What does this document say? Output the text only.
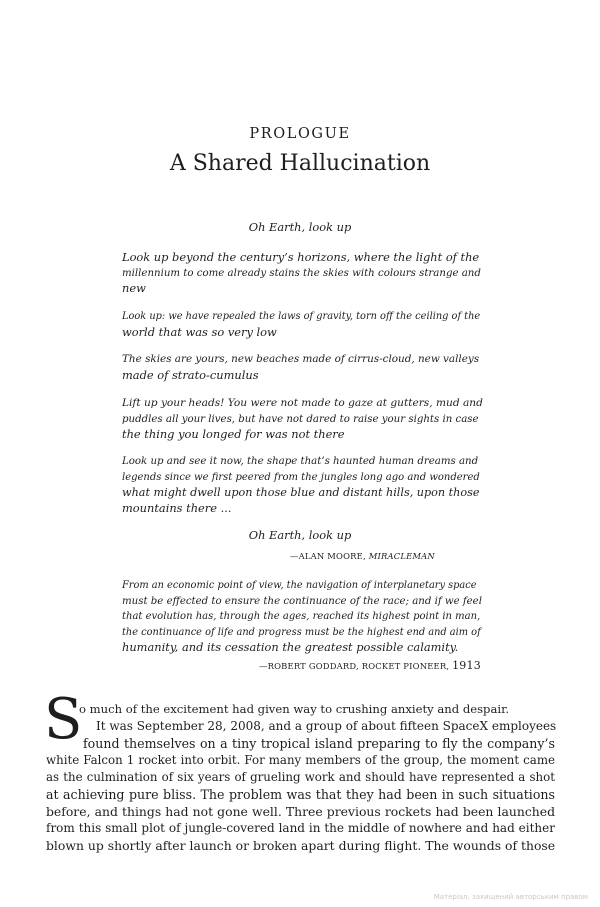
PROLOGUE
A Shared Hallucination
Oh Earth, look up
Look up beyond the century’s horizons, where the light of the
millennium to come already stains the skies with colours strange and
new
Look up: we have repealed the laws of gravity, torn off the ceiling of the
world that was so very low
The skies are yours, new beaches made of cirrus-cloud, new valleys
made of strato-cumulus
Lift up your heads! You were not made to gaze at gutters, mud and
puddles all your lives, but have not dared to raise your sights in case
the thing you longed for was not there
Look up and see it now, the shape that’s haunted human dreams and
legends since we first peered from the jungles long ago and wondered
what might dwell upon those blue and distant hills, upon those
mountains there ...
Oh Earth, look up
—ALAN MOORE, MIRACLEMAN
From an economic point of view, the navigation of interplanetary space
must be effected to ensure the continuance of the race; and if we feel
that evolution has, through the ages, reached its highest point in man,
the continuance of life and progress must be the highest end and aim of
humanity, and its cessation the greatest possible calamity.
—ROBERT GODDARD, ROCKET PIONEER, 1913
S
o much of the excitement had given way to crushing anxiety and despair.
It was September 28, 2008, and a group of about fifteen SpaceX employees
found themselves on a tiny tropical island preparing to fly the company’s
white Falcon 1 rocket into orbit. For many members of the group, the moment came
as the culmination of six years of grueling work and should have represented a shot
at achieving pure bliss. The problem was that they had been in such situations
before, and things had not gone well. Three previous rockets had been launched
from this small plot of jungle-covered land in the middle of nowhere and had either
blown up shortly after launch or broken apart during flight. The wounds of those
Матеріал, захищений авторським правом
